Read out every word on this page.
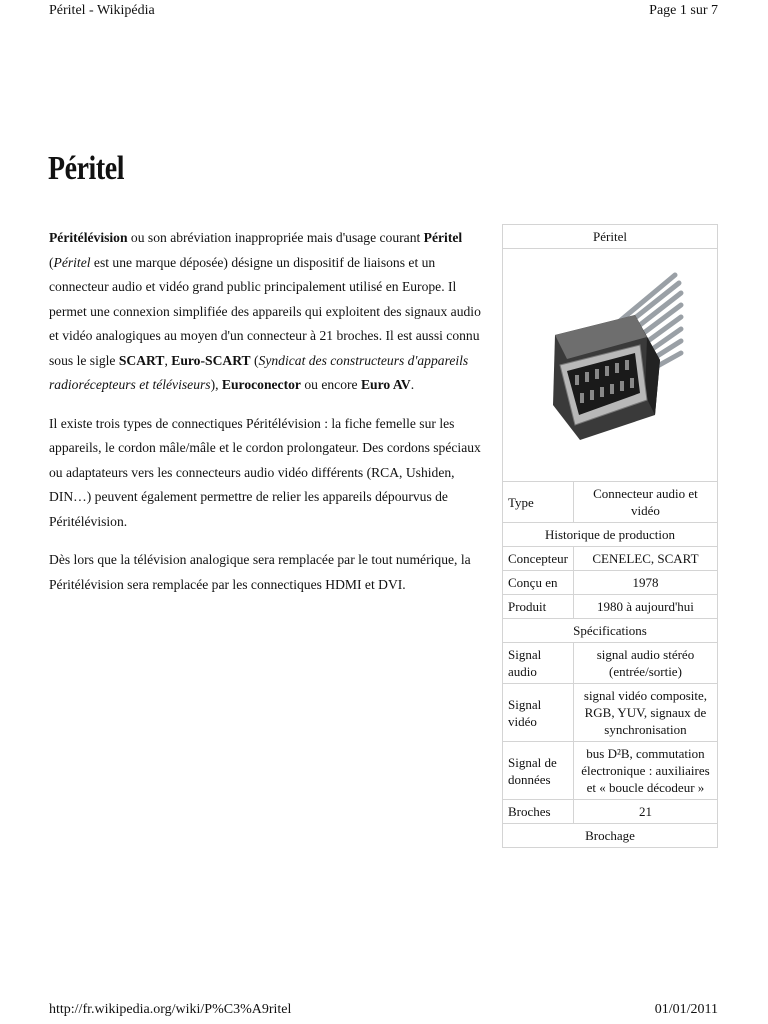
Péritel - Wikipédia	Page 1 sur 7
Péritel

Péritélévision ou son abréviation inappropriée mais d'usage courant Péritel (Péritel est une marque déposée) désigne un dispositif de liaisons et un connecteur audio et vidéo grand public principalement utilisé en Europe. Il permet une connexion simplifiée des appareils qui exploitent des signaux audio et vidéo analogiques au moyen d'un connecteur à 21 broches. Il est aussi connu sous le sigle SCART, Euro-SCART (Syndicat des constructeurs d'appareils radiorécepteurs et téléviseurs), Euroconector ou encore Euro AV.

Il existe trois types de connectiques Péritélévision : la fiche femelle sur les appareils, le cordon mâle/mâle et le cordon prolongateur. Des cordons spéciaux ou adaptateurs vers les connecteurs audio vidéo différents (RCA, Ushiden, DIN…) peuvent également permettre de relier les appareils dépourvus de Péritélévision.

Dès lors que la télévision analogique sera remplacée par le tout numérique, la Péritélévision sera remplacée par les connectiques HDMI et DVI.

Péritel	

Type	Connecteur audio et vidéo
Historique de production	
Concepteur	CENELEC, SCART
Conçu en	1978
Produit	1980 à aujourd'hui
Spécifications	
Signal audio	signal audio stéréo (entrée/sortie)
Signal vidéo	signal vidéo composite, RGB, YUV, signaux de synchronisation
Signal de données	bus D²B, commutation électronique : auxiliaires et « boucle décodeur »
Broches	21
Brochage	
http://fr.wikipedia.org/wiki/P%C3%A9ritel	01/01/2011
